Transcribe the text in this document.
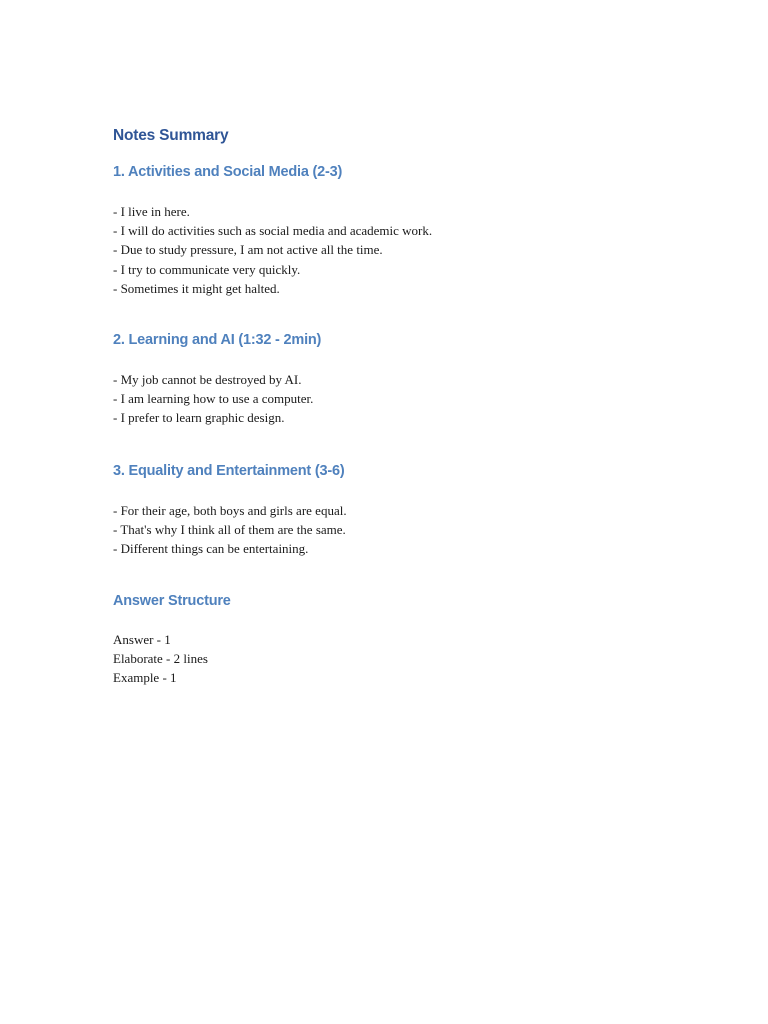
Notes Summary
1. Activities and Social Media (2-3)
- I live in here.
- I will do activities such as social media and academic work.
- Due to study pressure, I am not active all the time.
- I try to communicate very quickly.
- Sometimes it might get halted.
2. Learning and AI (1:32 - 2min)
- My job cannot be destroyed by AI.
- I am learning how to use a computer.
- I prefer to learn graphic design.
3. Equality and Entertainment (3-6)
- For their age, both boys and girls are equal.
- That's why I think all of them are the same.
- Different things can be entertaining.
Answer Structure
Answer - 1
Elaborate - 2 lines
Example - 1
